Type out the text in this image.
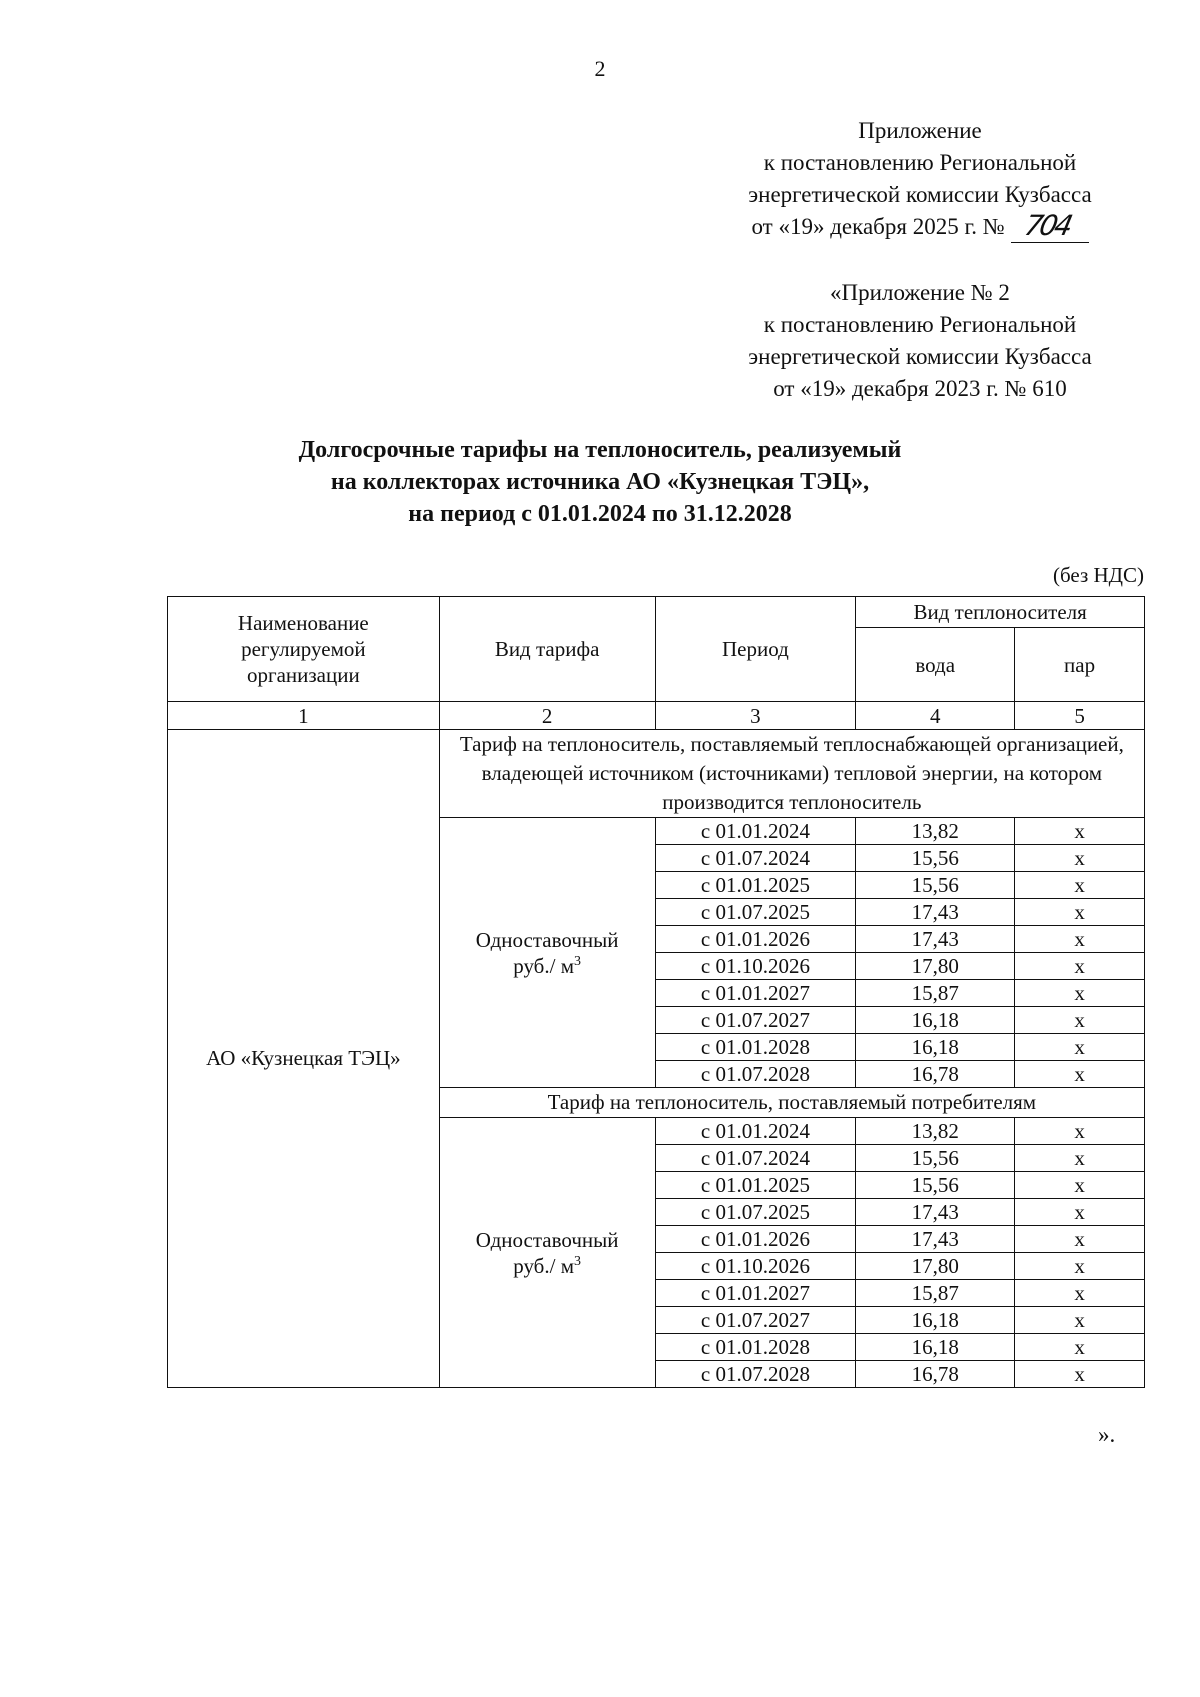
2
Приложение
к постановлению Региональной
энергетической комиссии Кузбасса
от «19» декабря 2025 г. № 704
«Приложение № 2
к постановлению Региональной
энергетической комиссии Кузбасса
от «19» декабря 2023 г. № 610
Долгосрочные тарифы на теплоноситель, реализуемый
на коллекторах источника АО «Кузнецкая ТЭЦ»,
на период с 01.01.2024 по 31.12.2028
(без НДС)
Наименование
регулируемой
организации	Вид тарифа	Период	Вид теплоносителя	
			вода	пар
1	2	3	4	5
АО «Кузнецкая ТЭЦ»	Тариф на теплоноситель, поставляемый теплоснабжающей организацией, владеющей источником (источниками) тепловой энергии, на котором производится теплоноситель			
	Одноставочный
руб./ $м^3$	с 01.01.2024	13,82	х
		с 01.07.2024	15,56	х
		с 01.01.2025	15,56	х
		с 01.07.2025	17,43	х
		с 01.01.2026	17,43	х
		с 01.10.2026	17,80	х
		с 01.01.2027	15,87	х
		с 01.07.2027	16,18	х
		с 01.01.2028	16,18	х
		с 01.07.2028	16,78	х
	Тариф на теплоноситель, поставляемый потребителям			
	Одноставочный
руб./ $м^3$	с 01.01.2024	13,82	х
		с 01.07.2024	15,56	х
		с 01.01.2025	15,56	х
		с 01.07.2025	17,43	х
		с 01.01.2026	17,43	х
		с 01.10.2026	17,80	х
		с 01.01.2027	15,87	х
		с 01.07.2027	16,18	х
		с 01.01.2028	16,18	х
		с 01.07.2028	16,78	х
».
